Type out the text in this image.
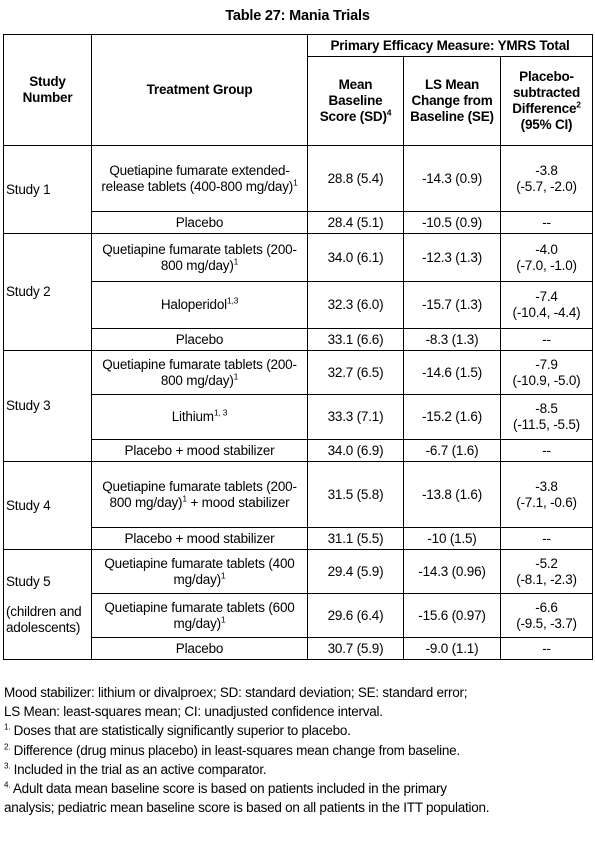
Table 27: Mania Trials
Study Number	Treatment Group	Primary Efficacy Measure: YMRS Total		
		Mean Baseline Score (SD)$^4$	LS Mean Change from Baseline (SE)	Placebo-subtracted Difference$^2$
(95% CI)
Study 1	Quetiapine fumarate extended-release tablets (400-800 mg/day)$^1$	28.8 (5.4)	-14.3 (0.9)	-3.8
(-5.7, -2.0)
	Placebo	28.4 (5.1)	-10.5 (0.9)	--
Study 2	Quetiapine fumarate tablets (200-800 mg/day)$^1$	34.0 (6.1)	-12.3 (1.3)	-4.0
(-7.0, -1.0)
	Haloperidol$^{1,3}$	32.3 (6.0)	-15.7 (1.3)	-7.4
(-10.4, -4.4)
	Placebo	33.1 (6.6)	-8.3 (1.3)	--
Study 3	Quetiapine fumarate tablets (200-800 mg/day)$^1$	32.7 (6.5)	-14.6 (1.5)	-7.9
(-10.9, -5.0)
	Lithium$^{1, 3}$	33.3 (7.1)	-15.2 (1.6)	-8.5
(-11.5, -5.5)
	Placebo + mood stabilizer	34.0 (6.9)	-6.7 (1.6)	--
Study 4	Quetiapine fumarate tablets (200-800 mg/day)$^1$ + mood stabilizer	31.5 (5.8)	-13.8 (1.6)	-3.8
(-7.1, -0.6)
	Placebo + mood stabilizer	31.1 (5.5)	-10 (1.5)	--
Study 5
(children and adolescents)	Quetiapine fumarate tablets (400 mg/day)$^1$	29.4 (5.9)	-14.3 (0.96)	-5.2
(-8.1, -2.3)
	Quetiapine fumarate tablets (600 mg/day)$^1$	29.6 (6.4)	-15.6 (0.97)	-6.6
(-9.5, -3.7)
	Placebo	30.7 (5.9)	-9.0 (1.1)	--
Mood stabilizer: lithium or divalproex; SD: standard deviation; SE: standard error;
LS Mean: least-squares mean; CI: unadjusted confidence interval.
$^{1.}$ Doses that are statistically significantly superior to placebo.
$^{2.}$ Difference (drug minus placebo) in least-squares mean change from baseline.
$^{3.}$ Included in the trial as an active comparator.
$^{4.}$ Adult data mean baseline score is based on patients included in the primary
analysis; pediatric mean baseline score is based on all patients in the ITT population.
